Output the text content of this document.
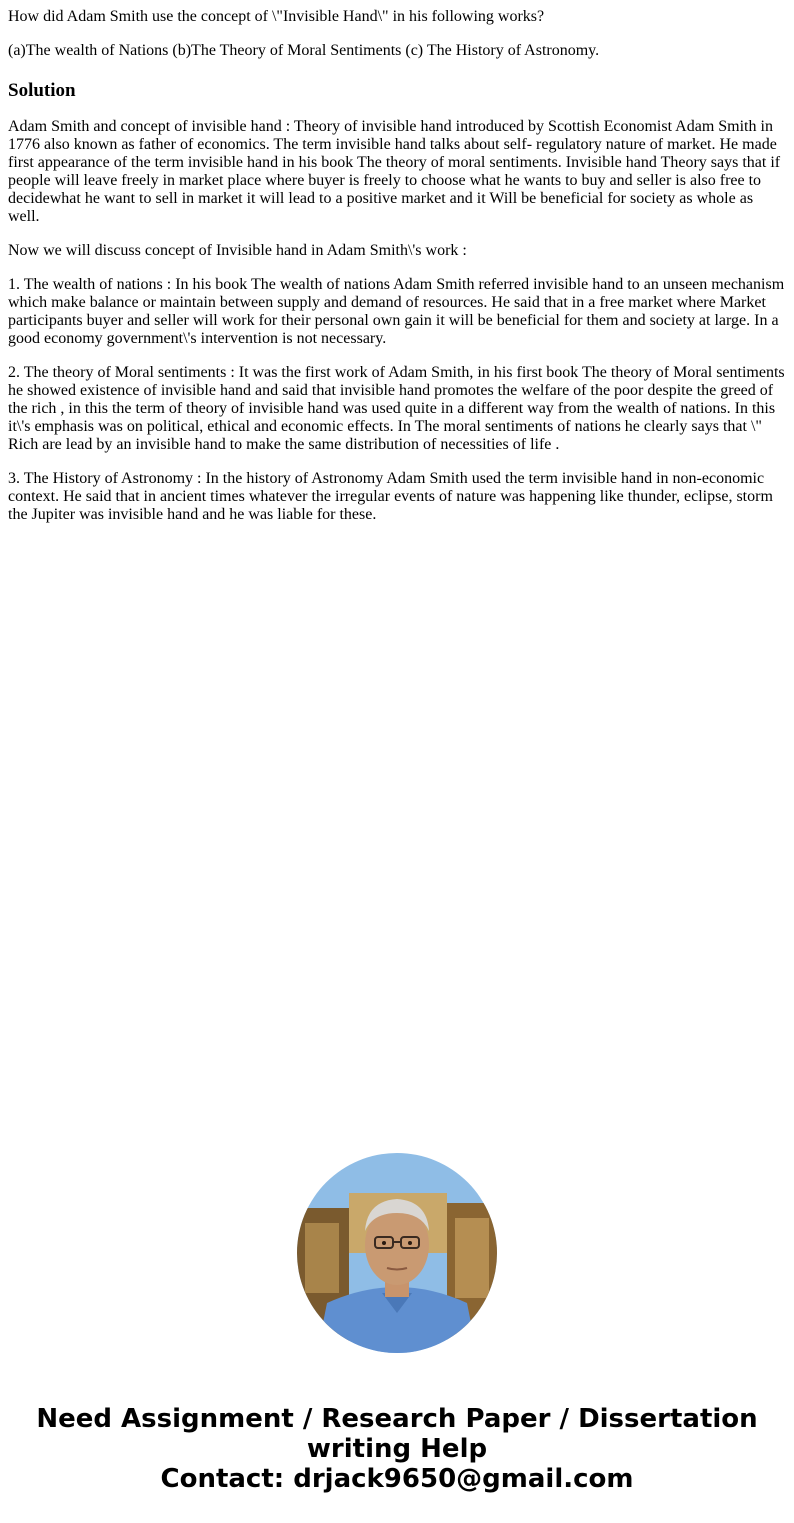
How did Adam Smith use the concept of \"Invisible Hand\" in his following works?

(a)The wealth of Nations (b)The Theory of Moral Sentiments (c) The History of Astronomy.

Solution

Adam Smith and concept of invisible hand : Theory of invisible hand introduced by Scottish Economist Adam Smith in 1776 also known as father of economics. The term invisible hand talks about self- regulatory nature of market. He made first appearance of the term invisible hand in his book The theory of moral sentiments. Invisible hand Theory says that if people will leave freely in market place where buyer is freely to choose what he wants to buy and seller is also free to decidewhat he want to sell in market it will lead to a positive market and it Will be beneficial for society as whole as well.

Now we will discuss concept of Invisible hand in Adam Smith\'s work :

1. The wealth of nations : In his book The wealth of nations Adam Smith referred invisible hand to an unseen mechanism which make balance or maintain between supply and demand of resources. He said that in a free market where Market participants buyer and seller will work for their personal own gain it will be beneficial for them and society at large. In a good economy government\'s intervention is not necessary.

2. The theory of Moral sentiments : It was the first work of Adam Smith, in his first book The theory of Moral sentiments he showed existence of invisible hand and said that invisible hand promotes the welfare of the poor despite the greed of the rich , in this the term of theory of invisible hand was used quite in a different way from the wealth of nations. In this it\'s emphasis was on political, ethical and economic effects. In The moral sentiments of nations he clearly says that \" Rich are lead by an invisible hand to make the same distribution of necessities of life .

3. The History of Astronomy : In the history of Astronomy Adam Smith used the term invisible hand in non-economic context. He said that in ancient times whatever the irregular events of nature was happening like thunder, eclipse, storm the Jupiter was invisible hand and he was liable for these.

Need Assignment / Research Paper / Dissertation
writing Help
Contact: drjack9650@gmail.com
